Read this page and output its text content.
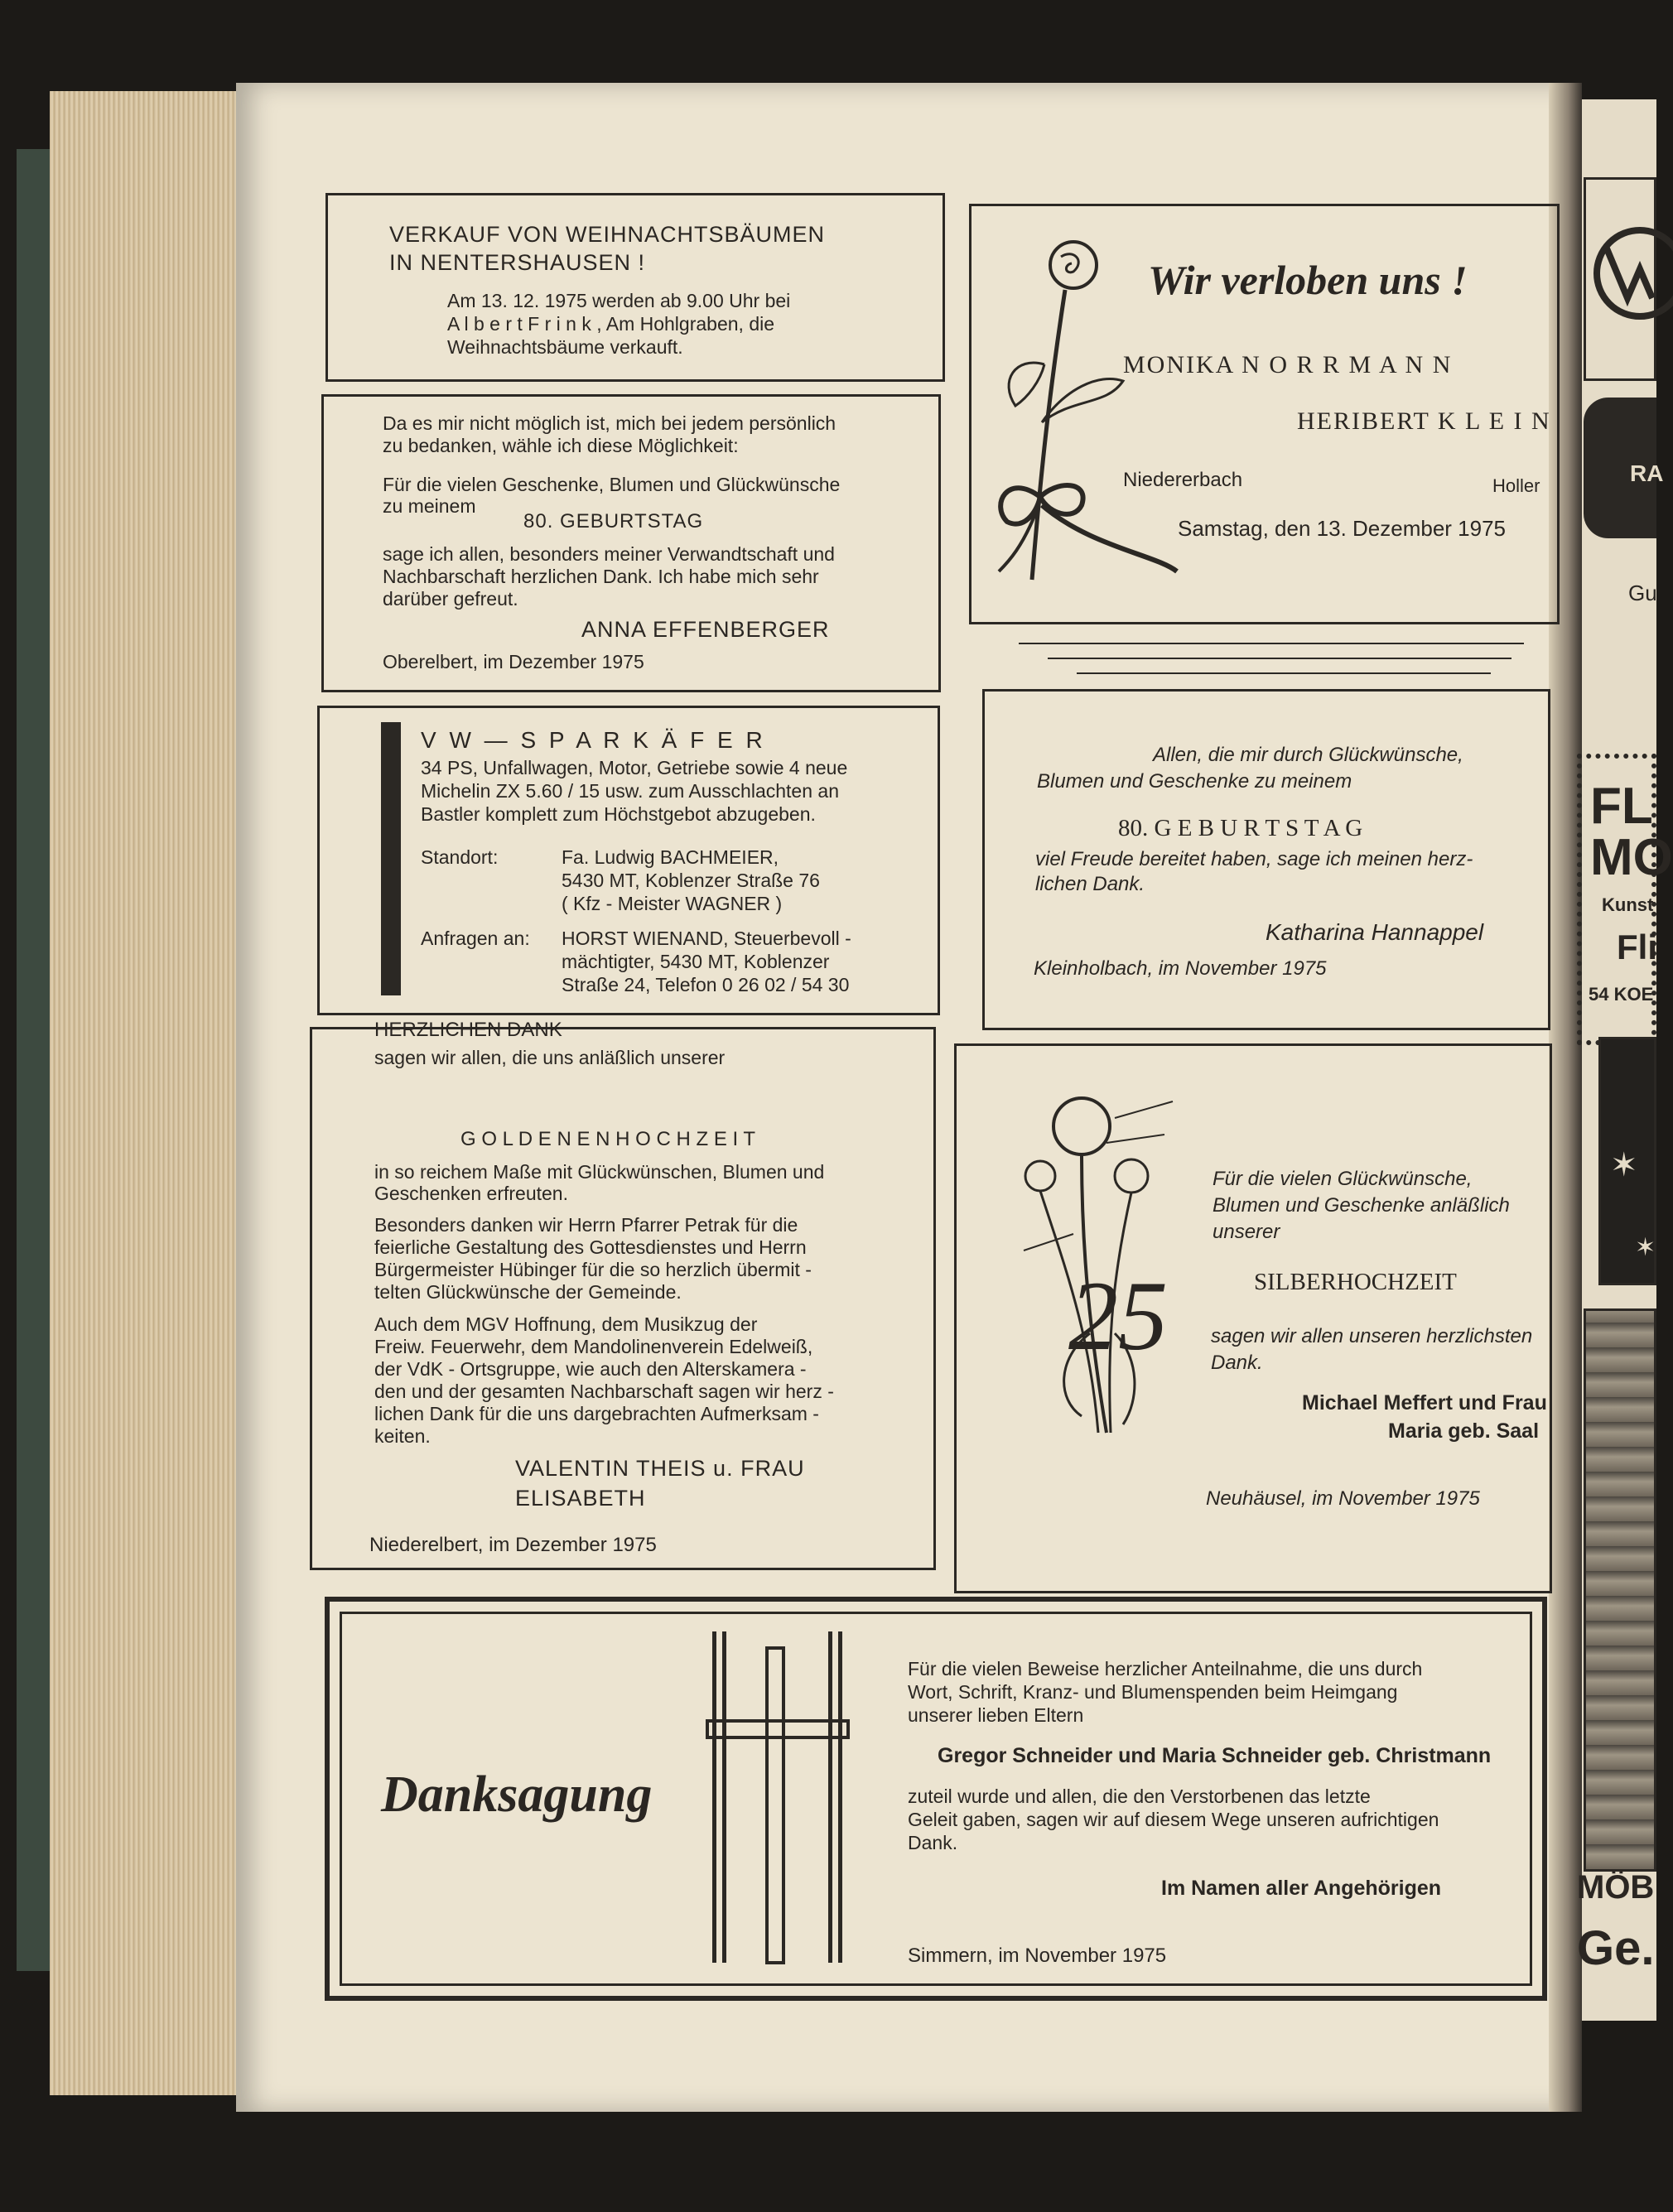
VERKAUF VON WEIHNACHTSBÄUMEN
IN NENTERSHAUSEN !
Am 13. 12. 1975 werden ab 9.00 Uhr bei
A l b e r t F r i n k , Am Hohlgraben, die
Weihnachtsbäume verkauft.
Da es mir nicht möglich ist, mich bei jedem persönlich
zu bedanken, wähle ich diese Möglichkeit:
Für die vielen Geschenke, Blumen und Glückwünsche
zu meinem
80. GEBURTSTAG
sage ich allen, besonders meiner Verwandtschaft und
Nachbarschaft herzlichen Dank. Ich habe mich sehr
darüber gefreut.
ANNA EFFENBERGER
Oberelbert, im Dezember 1975
V W — S P A R K Ä F E R
34 PS, Unfallwagen, Motor, Getriebe sowie 4 neue
Michelin ZX 5.60 / 15 usw. zum Ausschlachten an
Bastler komplett zum Höchstgebot abzugeben.
Standort:	Fa. Ludwig BACHMEIER,
5430 MT, Koblenzer Straße 76
( Kfz - Meister WAGNER )
Anfragen an: HORST WIENAND, Steuerbevoll -
mächtigter, 5430 MT, Koblenzer
Straße 24, Telefon 0 26 02 / 54 30
HERZLICHEN DANK
sagen wir allen, die uns anläßlich unserer
G O L D E N E N H O C H Z E I T
in so reichem Maße mit Glückwünschen, Blumen und
Geschenken erfreuten.
Besonders danken wir Herrn Pfarrer Petrak für die
feierliche Gestaltung des Gottesdienstes und Herrn
Bürgermeister Hübinger für die so herzlich übermit -
telten Glückwünsche der Gemeinde.
Auch dem MGV Hoffnung, dem Musikzug der
Freiw. Feuerwehr, dem Mandolinenverein Edelweiß,
der VdK - Ortsgruppe, wie auch den Alterskamera -
den und der gesamten Nachbarschaft sagen wir herz -
lichen Dank für die uns dargebrachten Aufmerksam -
keiten.
VALENTIN THEIS u. FRAU
ELISABETH
Niederelbert, im Dezember 1975
Wir verloben uns !
MONIKA N O R R M A N N
HERIBERT K L E I N
Niedererbach	Holler
Samstag, den 13. Dezember 1975
Allen, die mir durch Glückwünsche,
Blumen und Geschenke zu meinem
80. G E B U R T S T A G
viel Freude bereitet haben, sage ich meinen herz-
lichen Dank.
Katharina Hannappel
Kleinholbach, im November 1975
25
Für die vielen Glückwünsche,
Blumen und Geschenke anläßlich
unserer
SILBERHOCHZEIT
sagen wir allen unseren herzlichsten
Dank.
Michael Meffert und Frau
Maria geb. Saal
Neuhäusel, im November 1975
Danksagung
Für die vielen Beweise herzlicher Anteilnahme, die uns durch
Wort, Schrift, Kranz- und Blumenspenden beim Heimgang
unserer lieben Eltern
Gregor Schneider und Maria Schneider geb. Christmann
zuteil wurde und allen, die den Verstorbenen das letzte
Geleit gaben, sagen wir auf diesem Wege unseren aufrichtigen
Dank.
Im Namen aller Angehörigen
Simmern, im November 1975
RA
Gu
FL
MO
Kunst
Fli
54 KOE
✶
✶
MÖB
Ge.
